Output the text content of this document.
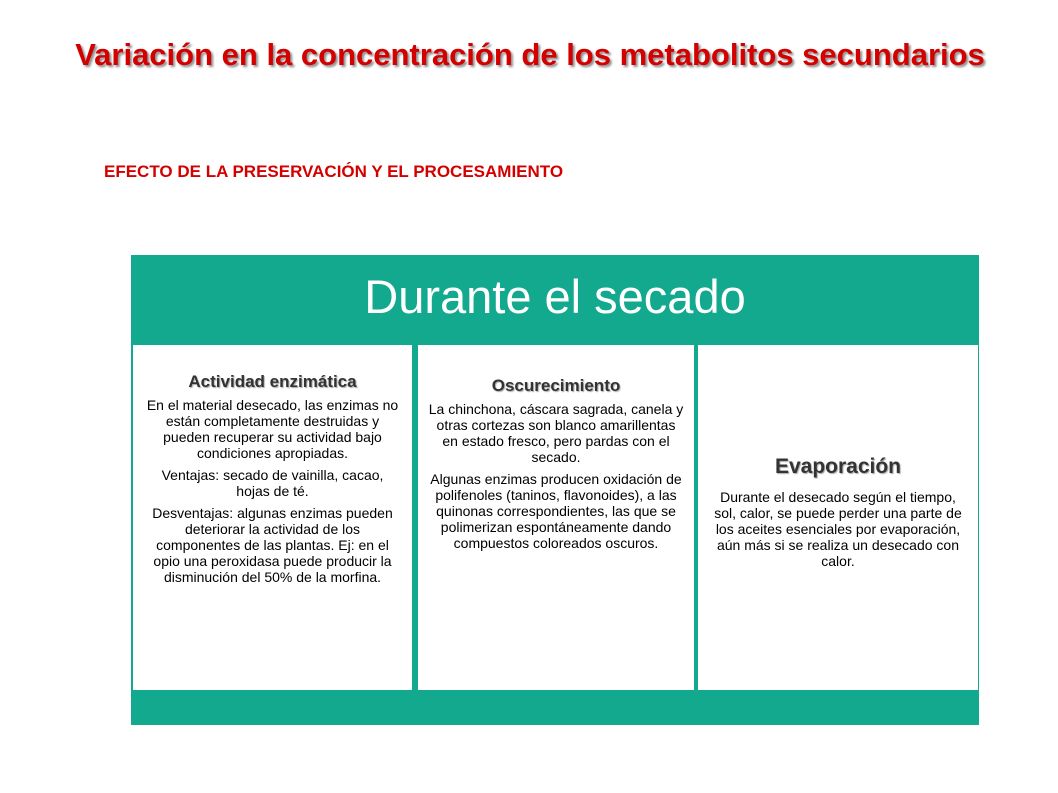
Variación en la concentración de los metabolitos secundarios
EFECTO DE LA PRESERVACIÓN Y EL PROCESAMIENTO
Durante el secado
Actividad enzimática

En el material desecado, las enzimas no están completamente destruidas y pueden recuperar su actividad bajo condiciones apropiadas.

Ventajas: secado de vainilla, cacao, hojas de té.

Desventajas: algunas enzimas pueden deteriorar la actividad de los componentes de las plantas. Ej: en el opio una peroxidasa puede producir la disminución del 50% de la morfina.

Oscurecimiento

La chinchona, cáscara sagrada, canela y otras cortezas son blanco amarillentas en estado fresco, pero pardas con el secado.

Algunas enzimas producen oxidación de polifenoles (taninos, flavonoides), a las quinonas correspondientes, las que se polimerizan espontáneamente dando compuestos coloreados oscuros.

Evaporación

Durante el desecado según el tiempo, sol, calor, se puede perder una parte de los aceites esenciales por evaporación, aún más si se realiza un desecado con calor.
